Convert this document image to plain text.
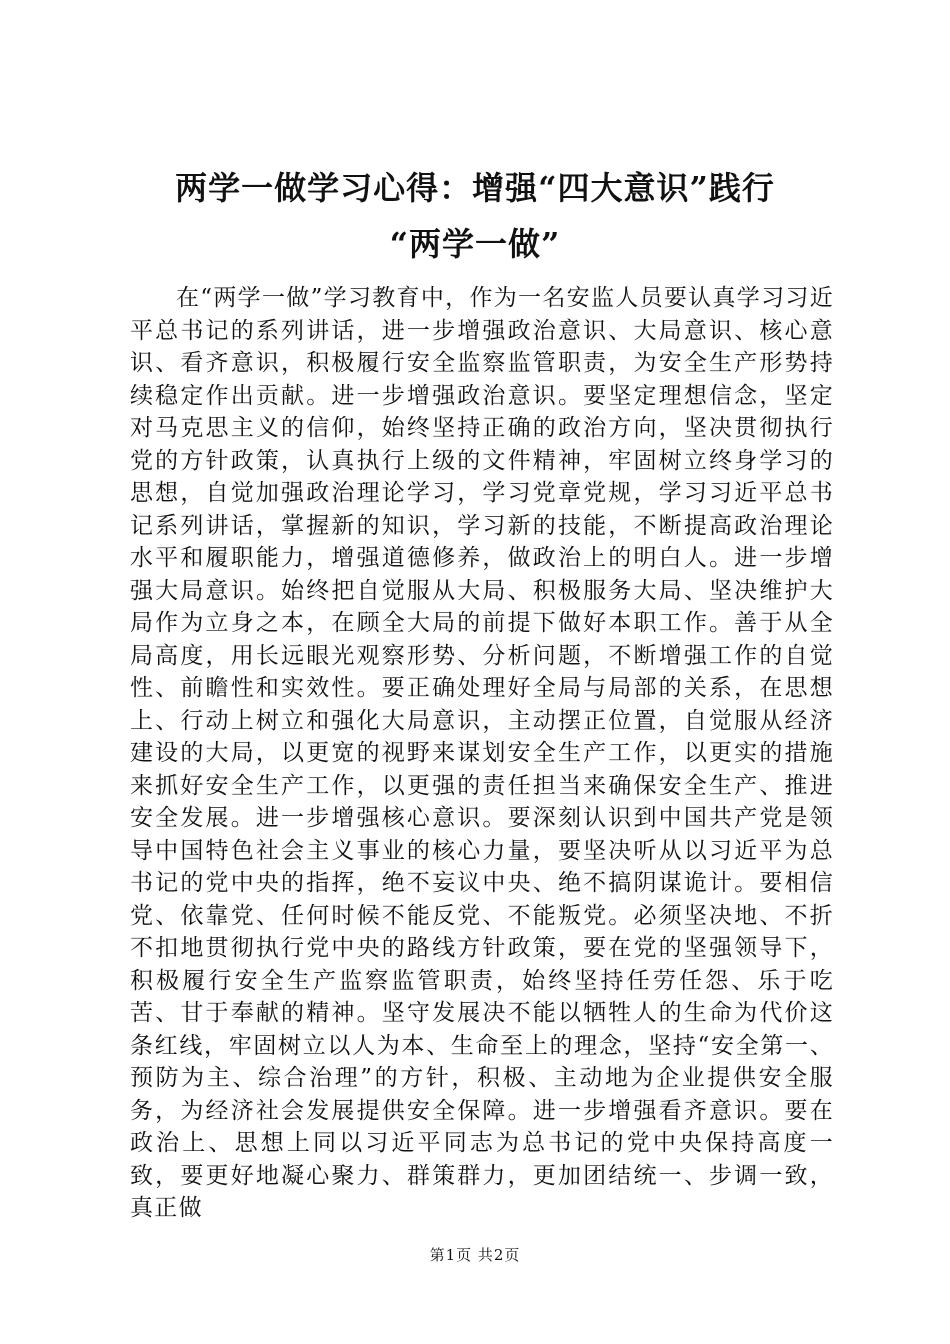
两学一做学习心得：增强“四大意识”践行
“两学一做”

在“两学一做”学习教育中，作为一名安监人员要认真学习习近平总书记的系列讲话，进一步增强政治意识、大局意识、核心意识、看齐意识，积极履行安全监察监管职责，为安全生产形势持续稳定作出贡献。进一步增强政治意识。要坚定理想信念，坚定对马克思主义的信仰，始终坚持正确的政治方向，坚决贯彻执行党的方针政策，认真执行上级的文件精神，牢固树立终身学习的思想，自觉加强政治理论学习，学习党章党规，学习习近平总书记系列讲话，掌握新的知识，学习新的技能，不断提高政治理论水平和履职能力，增强道德修养，做政治上的明白人。进一步增强大局意识。始终把自觉服从大局、积极服务大局、坚决维护大局作为立身之本，在顾全大局的前提下做好本职工作。善于从全局高度，用长远眼光观察形势、分析问题，不断增强工作的自觉性、前瞻性和实效性。要正确处理好全局与局部的关系，在思想上、行动上树立和强化大局意识，主动摆正位置，自觉服从经济建设的大局，以更宽的视野来谋划安全生产工作，以更实的措施来抓好安全生产工作，以更强的责任担当来确保安全生产、推进安全发展。进一步增强核心意识。要深刻认识到中国共产党是领导中国特色社会主义事业的核心力量，要坚决听从以习近平为总书记的党中央的指挥，绝不妄议中央、绝不搞阴谋诡计。要相信党、依靠党、任何时候不能反党、不能叛党。必须坚决地、不折不扣地贯彻执行党中央的路线方针政策，要在党的坚强领导下，积极履行安全生产监察监管职责，始终坚持任劳任怨、乐于吃苦、甘于奉献的精神。坚守发展决不能以牺牲人的生命为代价这条红线，牢固树立以人为本、生命至上的理念，坚持“安全第一、预防为主、综合治理”的方针，积极、主动地为企业提供安全服务，为经济社会发展提供安全保障。进一步增强看齐意识。要在政治上、思想上同以习近平同志为总书记的党中央保持高度一致，要更好地凝心聚力、群策群力，更加团结统一、步调一致，真正做

第1页 共2页
